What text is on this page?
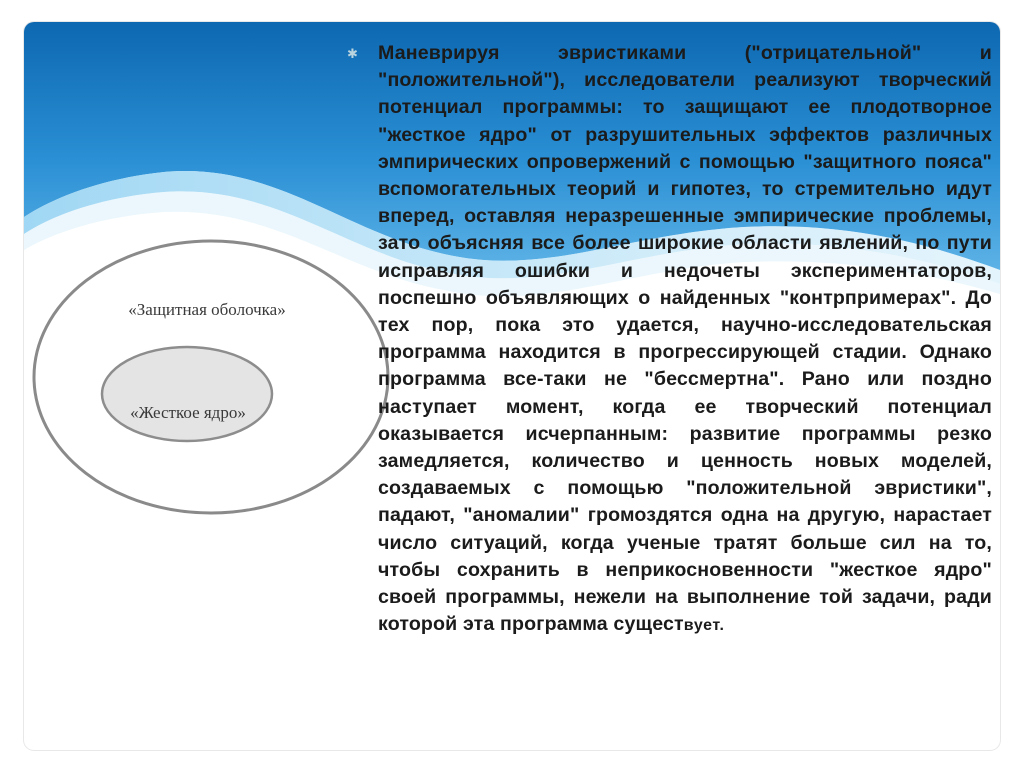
«Защитная оболочка»
«Жесткое ядро»
✱ Маневрируя эвристиками ("отрицательной" и "положительной"), исследователи реализуют творческий потенциал программы: то защищают ее плодотворное "жесткое ядро" от разрушительных эффектов различных эмпирических опровержений с помощью "защитного пояса" вспомогательных теорий и гипотез, то стремительно идут вперед, оставляя неразрешенные эмпирические проблемы, зато объясняя все более широкие области явлений, по пути исправляя ошибки и недочеты экспериментаторов, поспешно объявляющих о найденных "контрпримерах". До тех пор, пока это удается, научно-исследовательская программа находится в прогрессирующей стадии. Однако программа все-таки не "бессмертна". Рано или поздно наступает момент, когда ее творческий потенциал оказывается исчерпанным: развитие программы резко замедляется, количество и ценность новых моделей, создаваемых с помощью "положительной эвристики", падают, "аномалии" громоздятся одна на другую, нарастает число ситуаций, когда ученые тратят больше сил на то, чтобы сохранить в неприкосновенности "жесткое ядро" своей программы, нежели на выполнение той задачи, ради которой эта программа существует.
